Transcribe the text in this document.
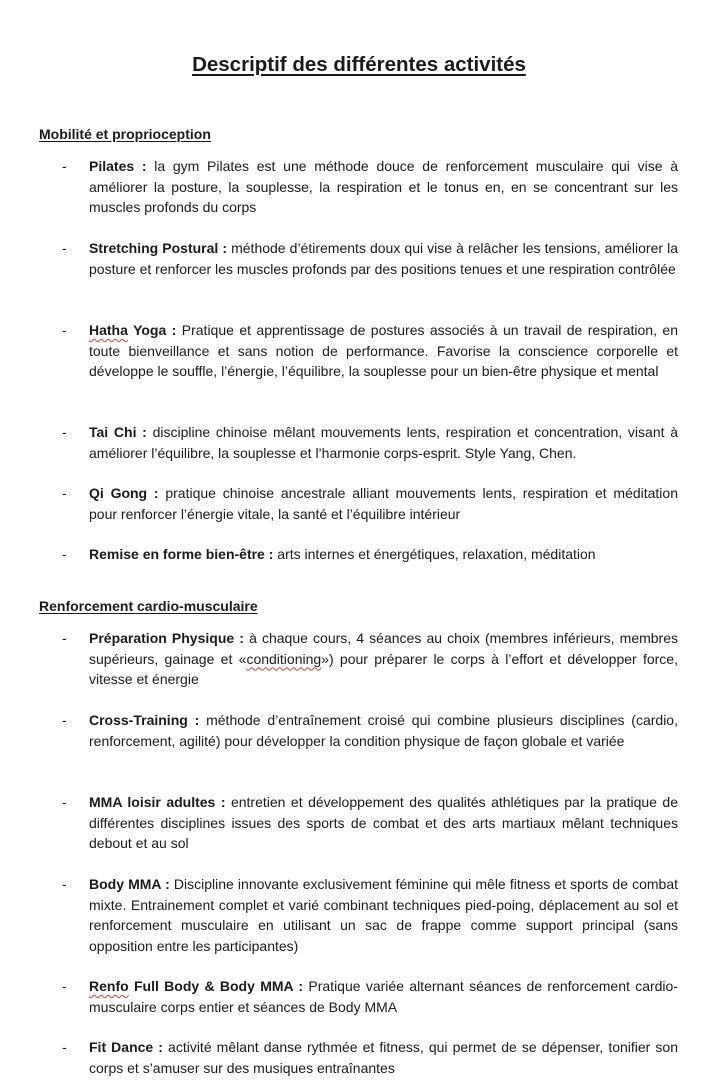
Descriptif des différentes activités
Mobilité et proprioception
- Pilates : la gym Pilates est une méthode douce de renforcement musculaire qui vise à améliorer la posture, la souplesse, la respiration et le tonus en, en se concentrant sur les muscles profonds du corps
- Stretching Postural : méthode d’étirements doux qui vise à relâcher les tensions, améliorer la posture et renforcer les muscles profonds par des positions tenues et une respiration contrôlée
- Hatha Yoga : Pratique et apprentissage de postures associés à un travail de respiration, en toute bienveillance et sans notion de performance. Favorise la conscience corporelle et développe le souffle, l’énergie, l’équilibre, la souplesse pour un bien-être physique et mental
- Tai Chi : discipline chinoise mêlant mouvements lents, respiration et concentration, visant à améliorer l’équilibre, la souplesse et l’harmonie corps-esprit. Style Yang, Chen.
- Qi Gong : pratique chinoise ancestrale alliant mouvements lents, respiration et méditation pour renforcer l’énergie vitale, la santé et l’équilibre intérieur
- Remise en forme bien-être : arts internes et énergétiques, relaxation, méditation
Renforcement cardio-musculaire
- Préparation Physique : à chaque cours, 4 séances au choix (membres inférieurs, membres supérieurs, gainage et «conditioning») pour préparer le corps à l’effort et développer force, vitesse et énergie
- Cross-Training : méthode d’entraînement croisé qui combine plusieurs disciplines (cardio, renforcement, agilité) pour développer la condition physique de façon globale et variée
- MMA loisir adultes : entretien et développement des qualités athlétiques par la pratique de différentes disciplines issues des sports de combat et des arts martiaux mêlant techniques debout et au sol
- Body MMA : Discipline innovante exclusivement féminine qui mêle fitness et sports de combat mixte. Entrainement complet et varié combinant techniques pied-poing, déplacement au sol et renforcement musculaire en utilisant un sac de frappe comme support principal (sans opposition entre les participantes)
- Renfo Full Body & Body MMA : Pratique variée alternant séances de renforcement cardio-musculaire corps entier et séances de Body MMA
- Fit Dance : activité mêlant danse rythmée et fitness, qui permet de se dépenser, tonifier son corps et s’amuser sur des musiques entraînantes
